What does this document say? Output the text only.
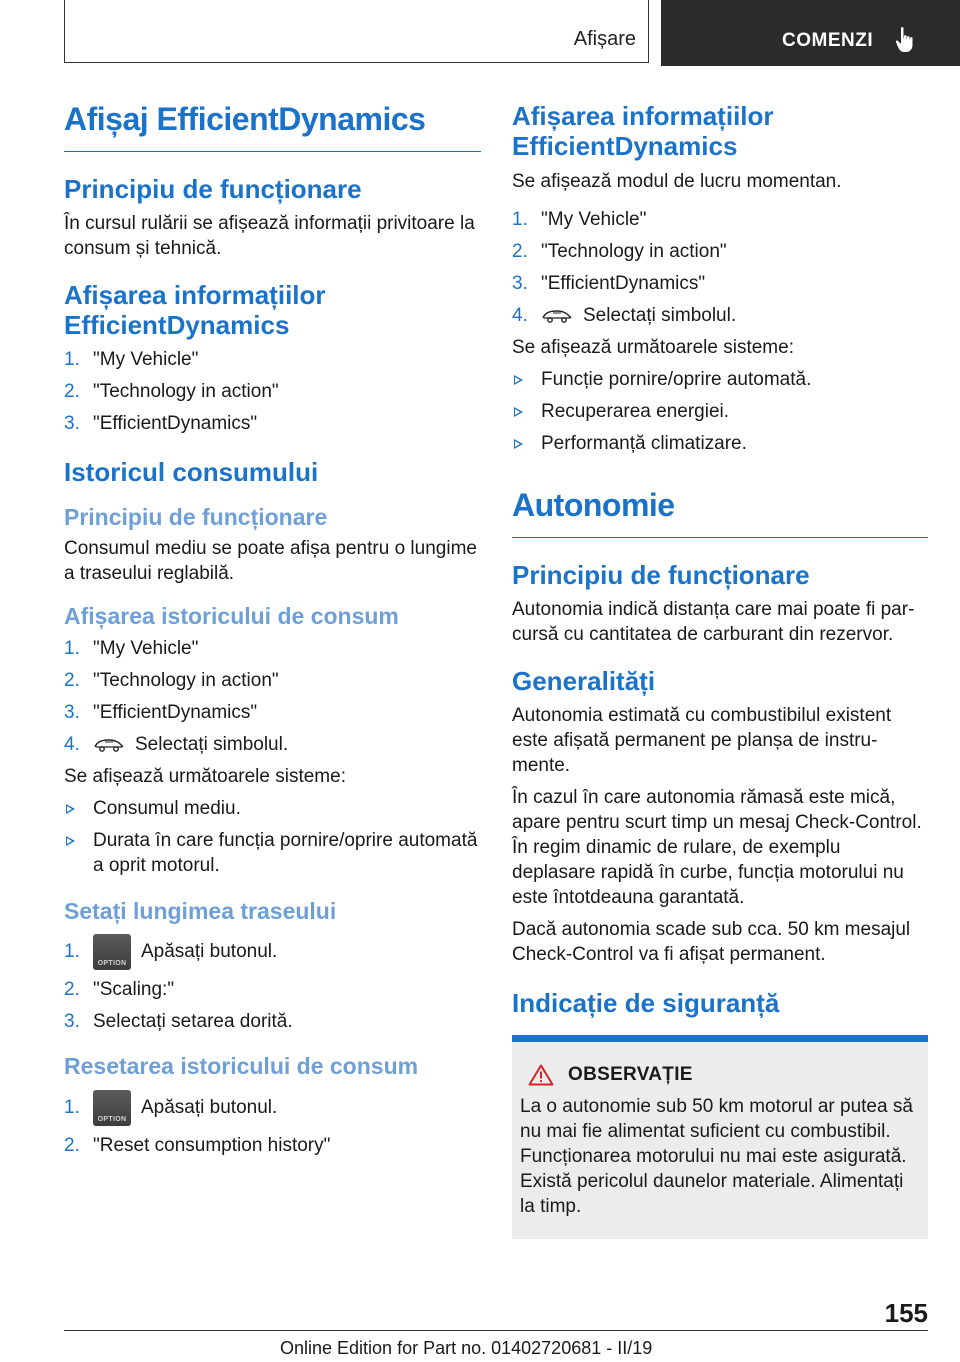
Afișare	COMENZI
Afișaj EfficientDynamics
Principiu de funcționare

În cursul rulării se afișează informații privitoare la consum și tehnică.

Afișarea informațiilor EfficientDynamics
1. "My Vehicle"
2. "Technology in action"
3. "EfficientDynamics"
Istoricul consumului
Principiu de funcționare

Consumul mediu se poate afișa pentru o lungime a traseului reglabilă.

Afișarea istoricului de consum
1. "My Vehicle"
2. "Technology in action"
3. "EfficientDynamics"
4.	Selectați simbolul.

Se afișează următoarele sisteme:

Consumul mediu.
Durata în care funcția pornire/oprire automată a oprit motorul.
Setați lungimea traseului
1.
OPTION
Apăsați butonul.
2. "Scaling:"
3. Selectați setarea dorită.
Resetarea istoricului de consum
1.
OPTION
Apăsați butonul.
2. "Reset consumption history"
Afișarea informațiilor EfficientDynamics

Se afișează modul de lucru momentan.

1. "My Vehicle"
2. "Technology in action"
3. "EfficientDynamics"
4.	Selectați simbolul.

Se afișează următoarele sisteme:

Funcție pornire/oprire automată.
Recuperarea energiei.
Performanță climatizare.
Autonomie
Principiu de funcționare

Autonomia indică distanța care mai poate fi parcursă cu cantitatea de carburant din rezervor.

Generalități

Autonomia estimată cu combustibilul existent este afișată permanent pe planșa de instrumente.

În cazul în care autonomia rămasă este mică, apare pentru scurt timp un mesaj Check-Control. În regim dinamic de rulare, de exemplu deplasare rapidă în curbe, funcția motorului nu este întotdeauna garantată.

Dacă autonomia scade sub cca. 50 km mesajul Check-Control va fi afișat permanent.

Indicație de siguranță
OBSERVAȚIE

La o autonomie sub 50 km motorul ar putea să nu mai fie alimentat suficient cu combustibil. Funcționarea motorului nu mai este asigurată. Există pericolul daunelor materiale. Alimentați la timp.

155
Online Edition for Part no. 01402720681 - II/19
